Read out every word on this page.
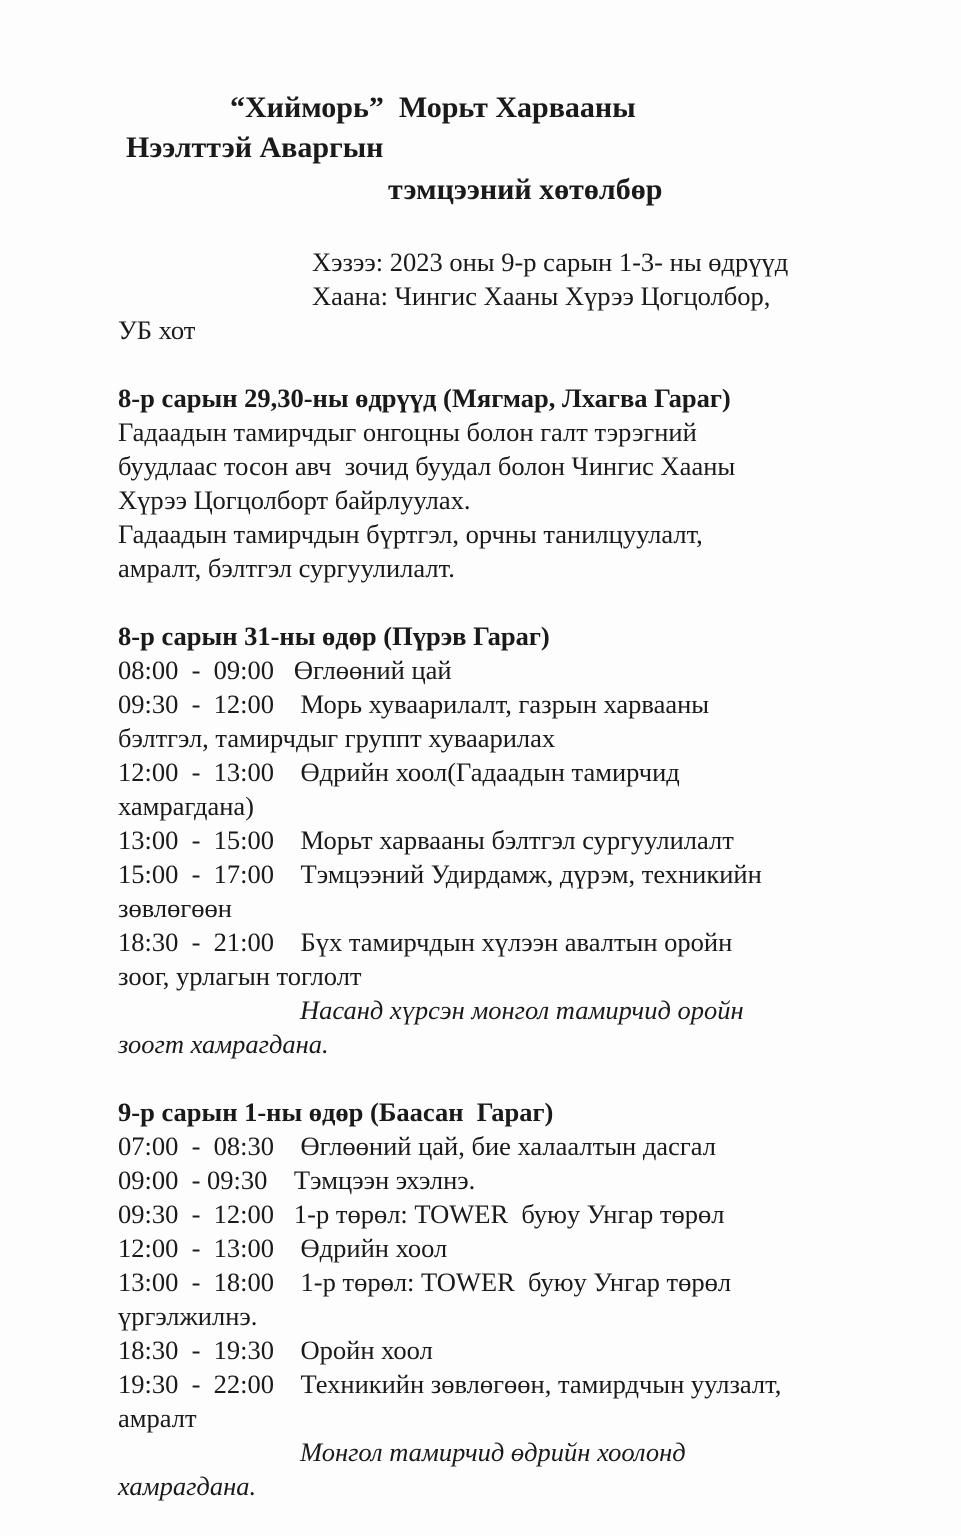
“Хийморь”  Морьт Харвааны
Нээлттэй Аваргын
тэмцээний хөтөлбөр
Хэзээ: 2023 оны 9-р сарын 1-3- ны өдрүүд
Хаана: Чингис Хааны Хүрээ Цогцолбор,
УБ хот
8-р сарын 29,30-ны өдрүүд (Мягмар, Лхагва Гараг)
Гадаадын тамирчдыг онгоцны болон галт тэрэгний
буудлаас тосон авч  зочид буудал болон Чингис Хааны
Хүрээ Цогцолборт байрлуулах.
Гадаадын тамирчдын бүртгэл, орчны танилцуулалт,
амралт, бэлтгэл сургуулилалт.
8-р сарын 31-ны өдөр (Пүрэв Гараг)
08:00  -  09:00   Өглөөний цай
09:30  -  12:00    Морь хуваарилалт, газрын харвааны
бэлтгэл, тамирчдыг группт хуваарилах
12:00  -  13:00    Өдрийн хоол(Гадаадын тамирчид
хамрагдана)
13:00  -  15:00    Морьт харвааны бэлтгэл сургуулилалт
15:00  -  17:00    Тэмцээний Удирдамж, дүрэм, техникийн
зөвлөгөөн
18:30  -  21:00    Бүх тамирчдын хүлээн авалтын оройн
зоог, урлагын тоглолт
Насанд хүрсэн монгол тамирчид оройн
зоогт хамрагдана.
9-р сарын 1-ны өдөр (Баасан  Гараг)
07:00  -  08:30    Өглөөний цай, бие халаалтын дасгал
09:00  - 09:30    Тэмцээн эхэлнэ.
09:30  -  12:00   1-р төрөл: TOWER  буюу Унгар төрөл
12:00  -  13:00    Өдрийн хоол
13:00  -  18:00    1-р төрөл: TOWER  буюу Унгар төрөл
үргэлжилнэ.
18:30  -  19:30    Оройн хоол
19:30  -  22:00    Техникийн зөвлөгөөн, тамирдчын уулзалт,
амралт
Монгол тамирчид өдрийн хоолонд
хамрагдана.
